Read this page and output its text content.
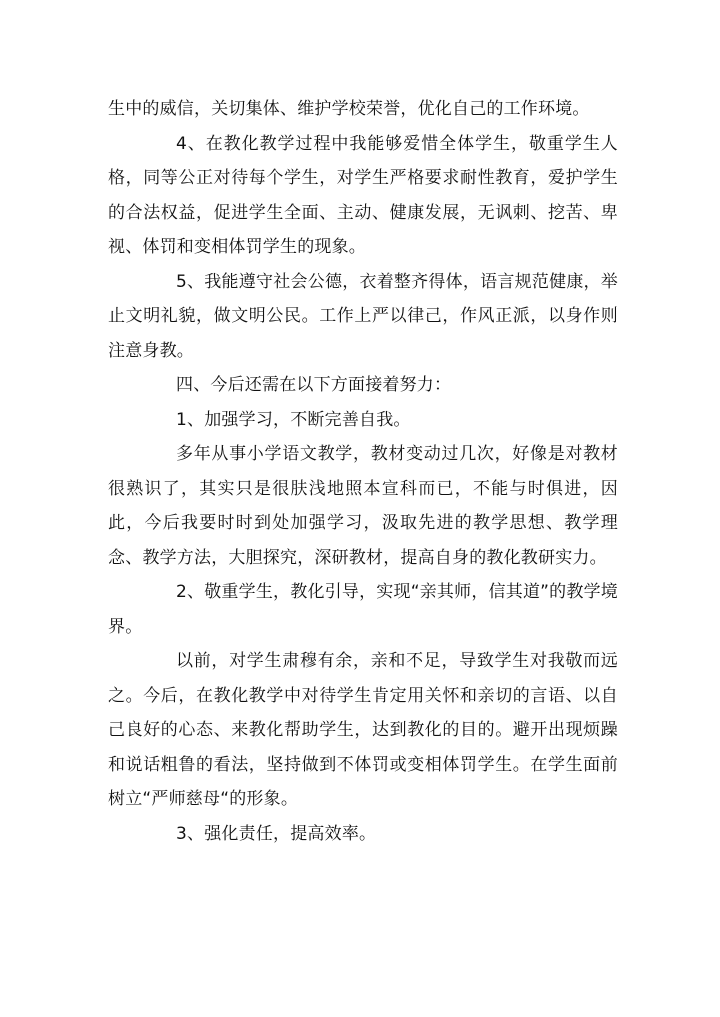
生中的威信，关切集体、维护学校荣誉，优化自己的工作环境。

4、在教化教学过程中我能够爱惜全体学生，敬重学生人格，同等公正对待每个学生，对学生严格要求耐性教育，爱护学生的合法权益，促进学生全面、主动、健康发展，无讽刺、挖苦、卑视、体罚和变相体罚学生的现象。

5、我能遵守社会公德，衣着整齐得体，语言规范健康，举止文明礼貌，做文明公民。工作上严以律己，作风正派，以身作则注意身教。

四、今后还需在以下方面接着努力：

1、加强学习，不断完善自我。

多年从事小学语文教学，教材变动过几次，好像是对教材很熟识了，其实只是很肤浅地照本宣科而已，不能与时俱进，因此，今后我要时时到处加强学习，汲取先进的教学思想、教学理念、教学方法，大胆探究，深研教材，提高自身的教化教研实力。

2、敬重学生，教化引导，实现“亲其师，信其道”的教学境界。

以前，对学生肃穆有余，亲和不足，导致学生对我敬而远之。今后，在教化教学中对待学生肯定用关怀和亲切的言语、以自己良好的心态、来教化帮助学生，达到教化的目的。避开出现烦躁和说话粗鲁的看法，坚持做到不体罚或变相体罚学生。在学生面前树立“严师慈母“的形象。

3、强化责任，提高效率。
